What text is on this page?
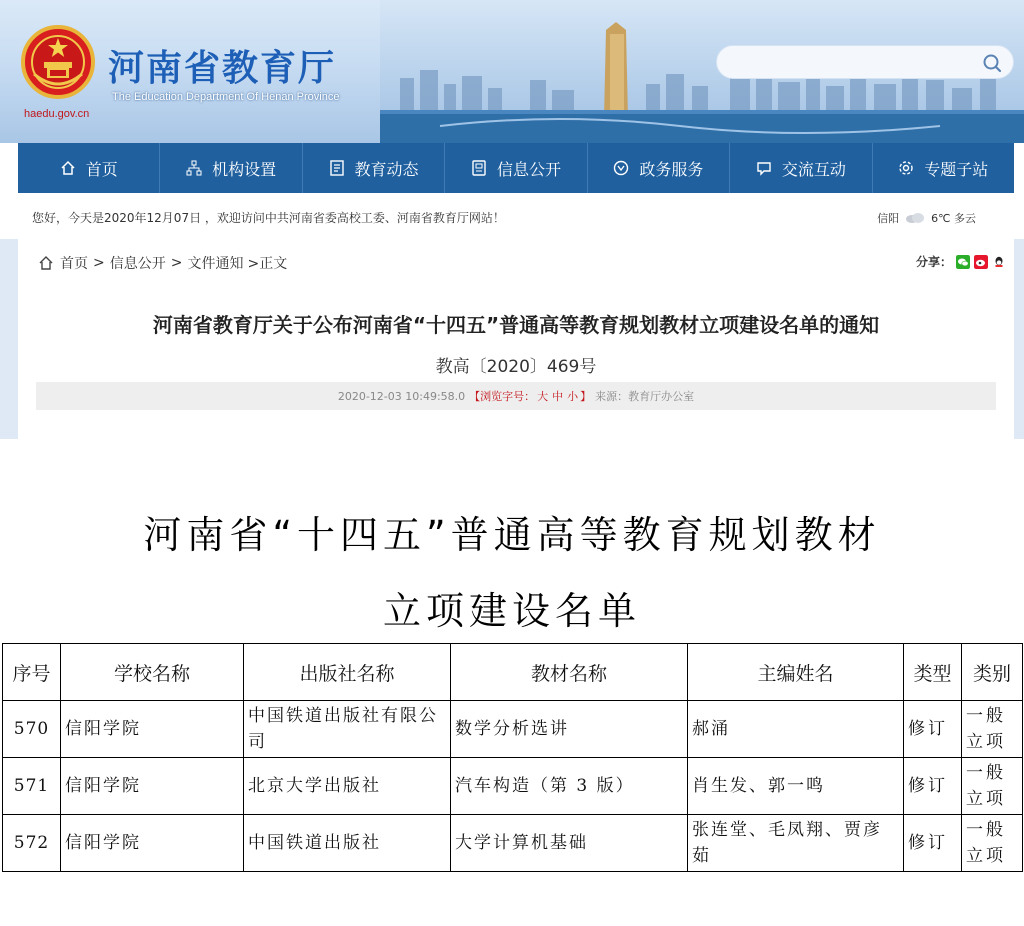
河南省教育厅
The Education Department Of Henan Province
haedu.gov.cn
首页	机构设置	教育动态	信息公开	政务服务	交流互动	专题子站
您好，今天是2020年12月07日 ，欢迎访问中共河南省委高校工委、河南省教育厅网站！	信阳	6℃ 多云
首页 > 信息公开 > 文件通知 >正文	分享：
河南省教育厅关于公布河南省“十四五”普通高等教育规划教材立项建设名单的通知
教高〔2020〕469号
2020-12-03 10:49:58.0 【浏览字号： 大 中 小 】 来源：教育厅办公室
河南省“十四五”普通高等教育规划教材
立项建设名单
序号	学校名称	出版社名称	教材名称	主编姓名	类型	类别
570	信阳学院	中国铁道出版社有限公司	数学分析选讲	郝涌	修订	一般立项
571	信阳学院	北京大学出版社	汽车构造（第 3 版）	肖生发、郭一鸣	修订	一般立项
572	信阳学院	中国铁道出版社	大学计算机基础	张连堂、毛凤翔、贾彦茹	修订	一般立项
